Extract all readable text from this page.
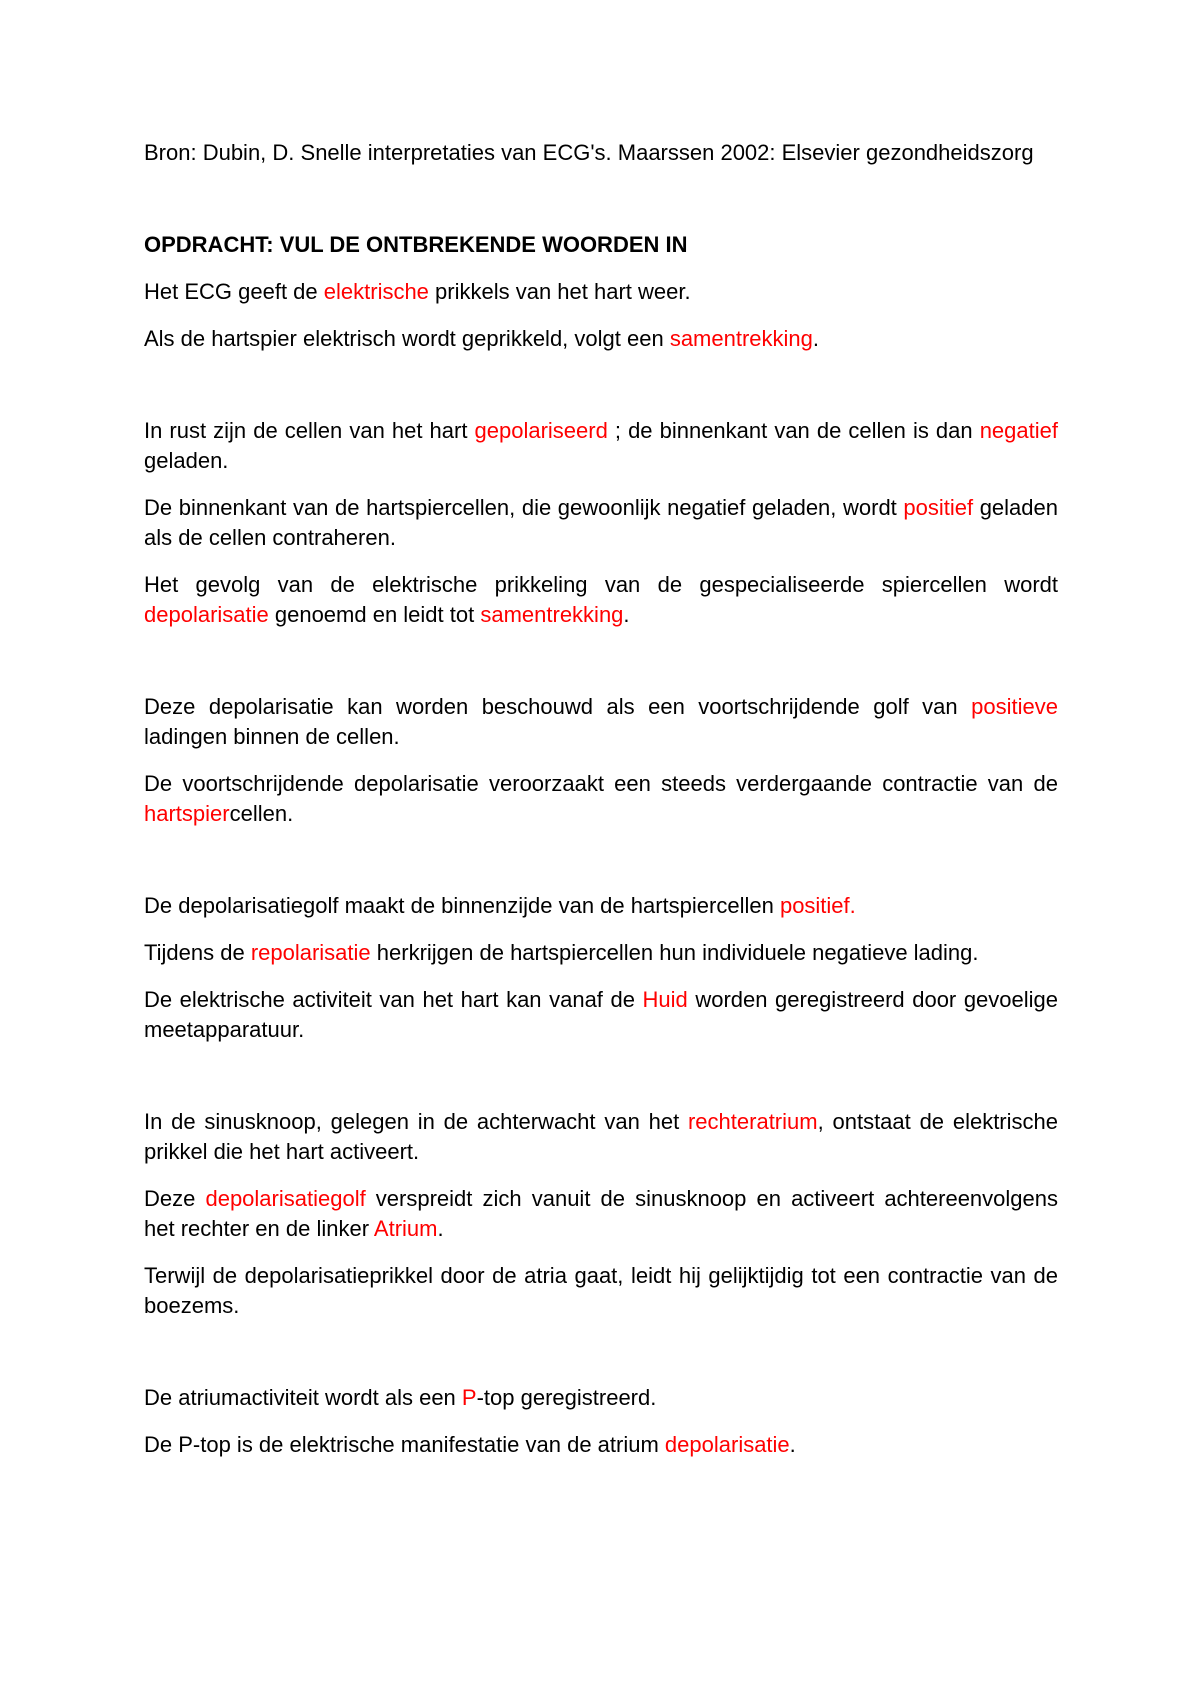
Bron: Dubin, D. Snelle interpretaties van ECG's. Maarssen 2002: Elsevier gezondheidszorg

OPDRACHT: VUL DE ONTBREKENDE WOORDEN IN

Het ECG geeft de elektrische prikkels van het hart weer.

Als de hartspier elektrisch wordt geprikkeld, volgt een samentrekking.

In rust zijn de cellen van het hart gepolariseerd ; de binnenkant van de cellen is dan negatief geladen.

De binnenkant van de hartspiercellen, die gewoonlijk negatief geladen, wordt positief geladen als de cellen contraheren.

Het gevolg van de elektrische prikkeling van de gespecialiseerde spiercellen wordt depolarisatie genoemd en leidt tot samentrekking.

Deze depolarisatie kan worden beschouwd als een voortschrijdende golf van positieve ladingen binnen de cellen.

De voortschrijdende depolarisatie veroorzaakt een steeds verdergaande contractie van de hartspiercellen.

De depolarisatiegolf maakt de binnenzijde van de hartspiercellen positief.

Tijdens de repolarisatie herkrijgen de hartspiercellen hun individuele negatieve lading.

De elektrische activiteit van het hart kan vanaf de Huid worden geregistreerd door gevoelige meetapparatuur.

In de sinusknoop, gelegen in de achterwacht van het rechteratrium, ontstaat de elektrische prikkel die het hart activeert.

Deze depolarisatiegolf verspreidt zich vanuit de sinusknoop en activeert achtereenvolgens het rechter en de linker Atrium.

Terwijl de depolarisatieprikkel door de atria gaat, leidt hij gelijktijdig tot een contractie van de boezems.

De atriumactiviteit wordt als een P-top geregistreerd.

De P-top is de elektrische manifestatie van de atrium depolarisatie.
